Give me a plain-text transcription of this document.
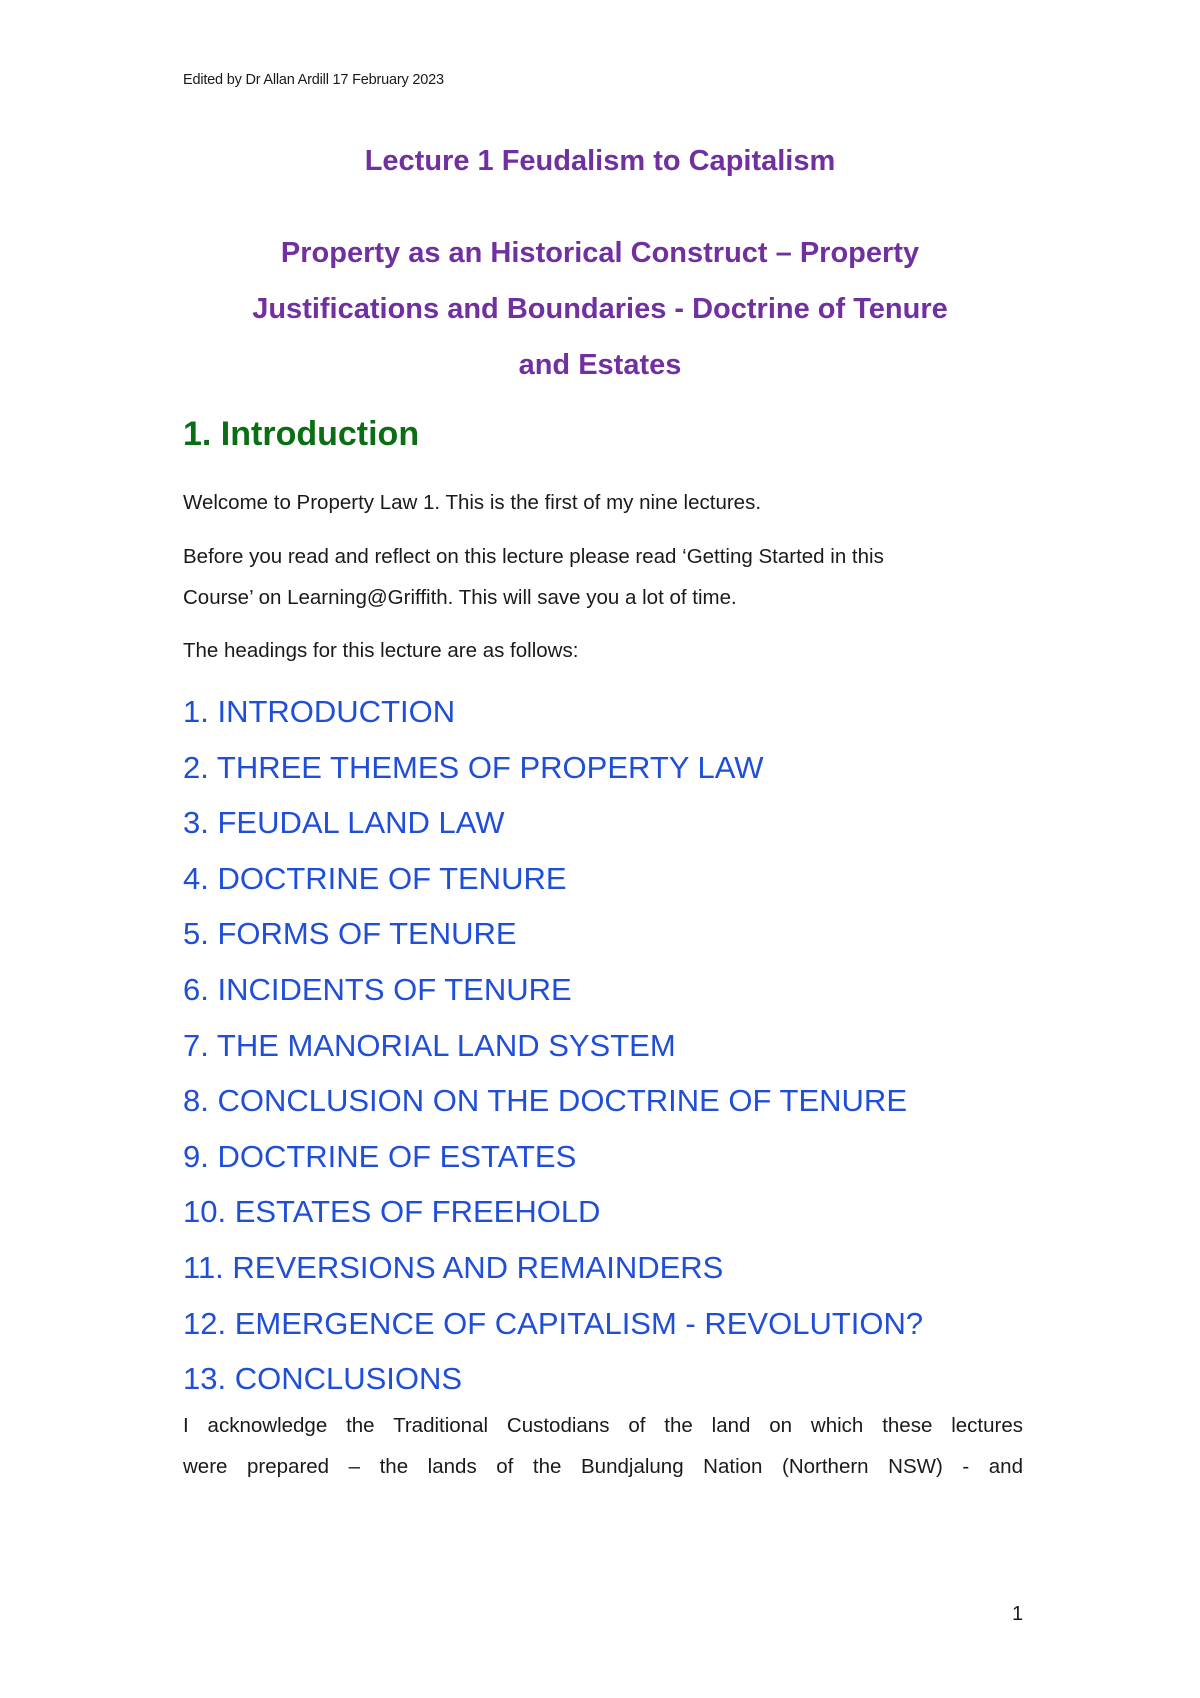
Edited by Dr Allan Ardill 17 February 2023
Lecture 1 Feudalism to Capitalism
Property as an Historical Construct – Property
Justifications and Boundaries - Doctrine of Tenure
and Estates
1. Introduction
Welcome to Property Law 1. This is the first of my nine lectures.
Before you read and reflect on this lecture please read ‘Getting Started in this
Course’ on Learning@Griffith. This will save you a lot of time.
The headings for this lecture are as follows:
1. INTRODUCTION
2. THREE THEMES OF PROPERTY LAW
3. FEUDAL LAND LAW
4. DOCTRINE OF TENURE
5. FORMS OF TENURE
6. INCIDENTS OF TENURE
7. THE MANORIAL LAND SYSTEM
8. CONCLUSION ON THE DOCTRINE OF TENURE
9. DOCTRINE OF ESTATES
10. ESTATES OF FREEHOLD
11. REVERSIONS AND REMAINDERS
12. EMERGENCE OF CAPITALISM - REVOLUTION?
13. CONCLUSIONS
I acknowledge the Traditional Custodians of the land on which these lectures
were prepared – the lands of the Bundjalung Nation (Northern NSW) - and
1
